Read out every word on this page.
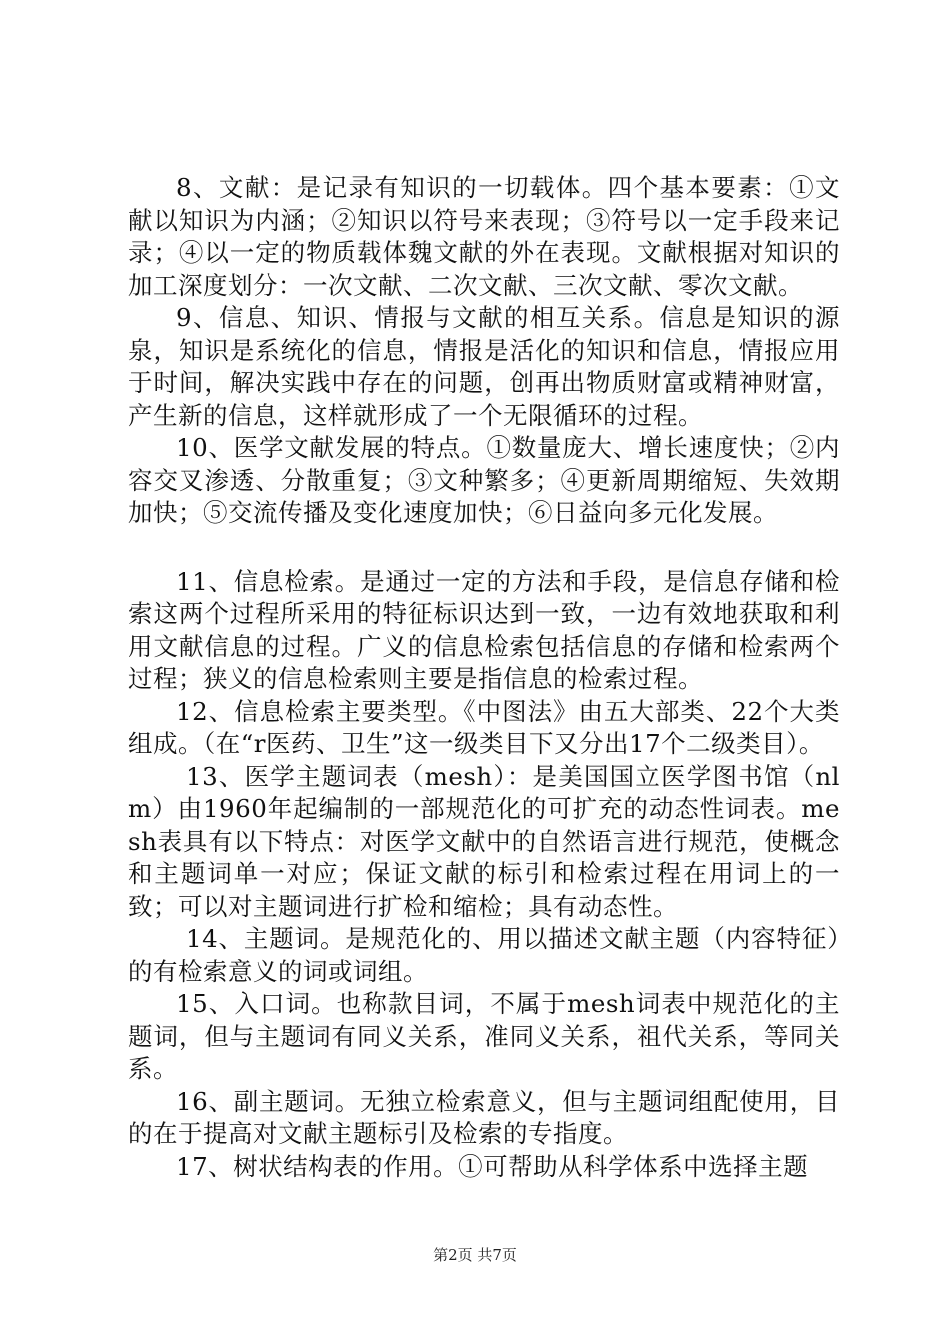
8、文献：是记录有知识的一切载体。四个基本要素：①文献以知识为内涵；②知识以符号来表现；③符号以一定手段来记录；④以一定的物质载体魏文献的外在表现。文献根据对知识的加工深度划分：一次文献、二次文献、三次文献、零次文献。

9、信息、知识、情报与文献的相互关系。信息是知识的源泉，知识是系统化的信息，情报是活化的知识和信息，情报应用于时间，解决实践中存在的问题，创再出物质财富或精神财富，产生新的信息，这样就形成了一个无限循环的过程。

10、医学文献发展的特点。①数量庞大、增长速度快；②内容交叉渗透、分散重复；③文种繁多；④更新周期缩短、失效期加快；⑤交流传播及变化速度加快；⑥日益向多元化发展。

11、信息检索。是通过一定的方法和手段，是信息存储和检索这两个过程所采用的特征标识达到一致，一边有效地获取和利用文献信息的过程。广义的信息检索包括信息的存储和检索两个过程；狭义的信息检索则主要是指信息的检索过程。

12、信息检索主要类型。《中图法》由五大部类、22个大类组成。（在“r医药、卫生”这一级类目下又分出17个二级类目）。

13、医学主题词表（mesh）：是美国国立医学图书馆（nlm）由1960年起编制的一部规范化的可扩充的动态性词表。mesh表具有以下特点：对医学文献中的自然语言进行规范，使概念和主题词单一对应；保证文献的标引和检索过程在用词上的一致；可以对主题词进行扩检和缩检；具有动态性。

14、主题词。是规范化的、用以描述文献主题（内容特征）的有检索意义的词或词组。

15、入口词。也称款目词，不属于mesh词表中规范化的主题词，但与主题词有同义关系，准同义关系，祖代关系，等同关系。

16、副主题词。无独立检索意义，但与主题词组配使用，目的在于提高对文献主题标引及检索的专指度。

17、树状结构表的作用。①可帮助从科学体系中选择主题

第2页 共7页
